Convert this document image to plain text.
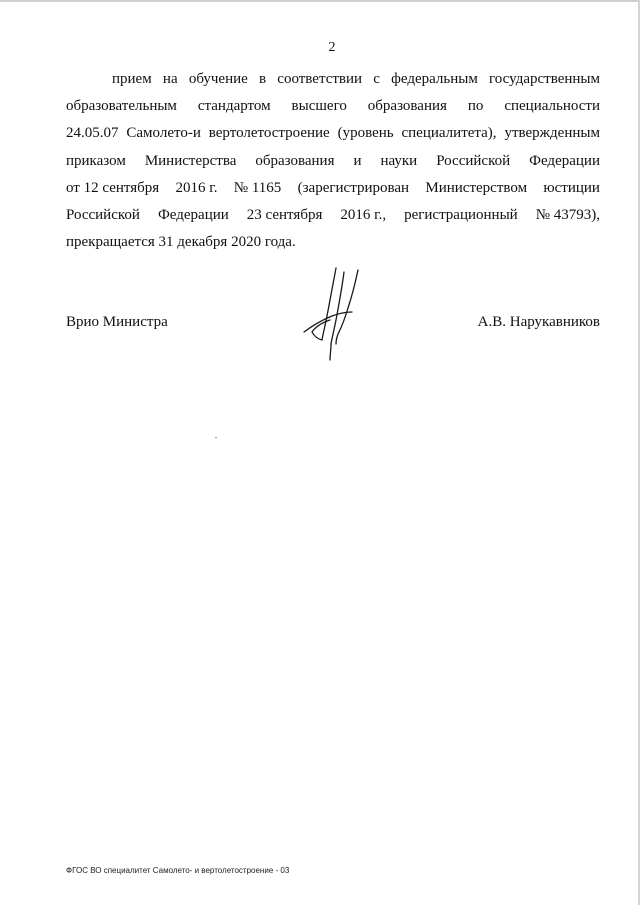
2
прием на обучение в соответствии с федеральным государственным
образовательным стандартом высшего образования по специальности
24.05.07 Самолето-и вертолетостроение (уровень специалитета), утвержденным
приказом Министерства образования и науки Российской Федерации
от 12 сентября 2016 г. № 1165 (зарегистрирован Министерством юстиции
Российской Федерации 23 сентября 2016 г., регистрационный № 43793),
прекращается 31 декабря 2020 года.
Врио Министра	А.В. Нарукавников
ФГОС ВО специалитет Самолето- и вертолетостроение - 03
